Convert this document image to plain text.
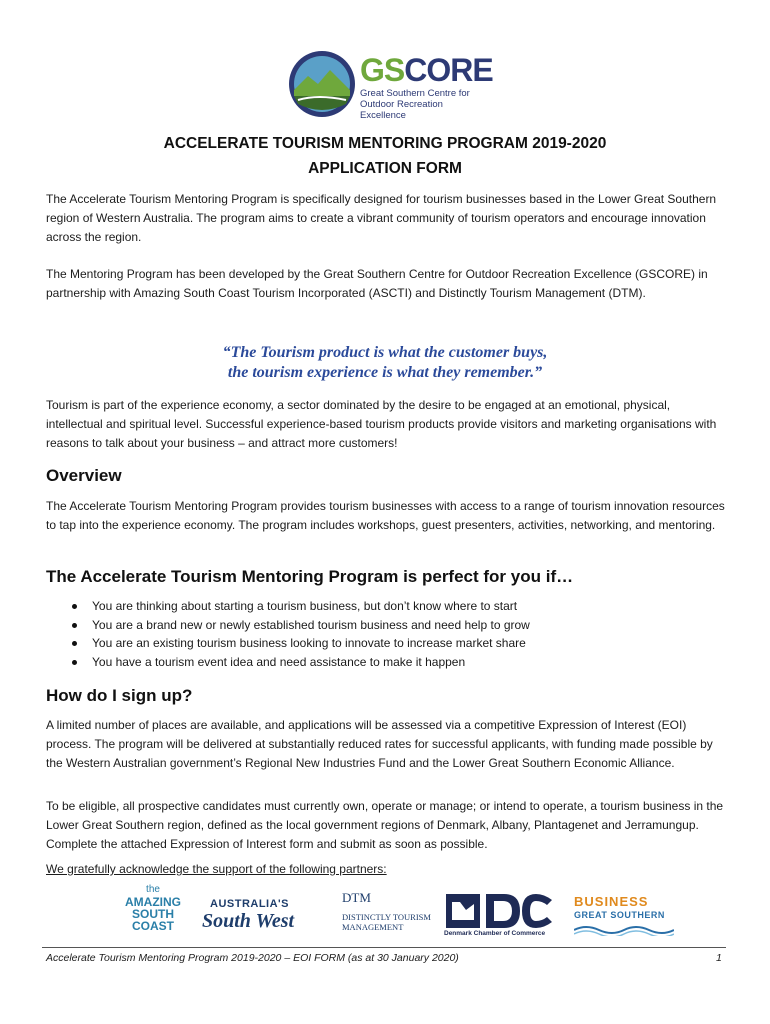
GSCORE
Great Southern Centre for
Outdoor Recreation Excellence
ACCELERATE TOURISM MENTORING PROGRAM 2019-2020
APPLICATION FORM

The Accelerate Tourism Mentoring Program is specifically designed for tourism businesses based in the Lower Great Southern region of Western Australia. The program aims to create a vibrant community of tourism operators and encourage innovation across the region.

The Mentoring Program has been developed by the Great Southern Centre for Outdoor Recreation Excellence (GSCORE) in partnership with Amazing South Coast Tourism Incorporated (ASCTI) and Distinctly Tourism Management (DTM).

“The Tourism product is what the customer buys,
the tourism experience is what they remember.”

Tourism is part of the experience economy, a sector dominated by the desire to be engaged at an emotional, physical, intellectual and spiritual level. Successful experience-based tourism products provide visitors and marketing organisations with reasons to talk about your business – and attract more customers!

Overview

The Accelerate Tourism Mentoring Program provides tourism businesses with access to a range of tourism innovation resources to tap into the experience economy. The program includes workshops, guest presenters, activities, networking, and mentoring.

The Accelerate Tourism Mentoring Program is perfect for you if…
You are thinking about starting a tourism business, but don’t know where to start
You are a brand new or newly established tourism business and need help to grow
You are an existing tourism business looking to innovate to increase market share
You have a tourism event idea and need assistance to make it happen
How do I sign up?

A limited number of places are available, and applications will be assessed via a competitive Expression of Interest (EOI) process. The program will be delivered at substantially reduced rates for successful applicants, with funding made possible by the Western Australian government’s Regional New Industries Fund and the Lower Great Southern Economic Alliance.

To be eligible, all prospective candidates must currently own, operate or manage; or intend to operate, a tourism business in the Lower Great Southern region, defined as the local government regions of Denmark, Albany, Plantagenet and Jerramungup. Complete the attached Expression of Interest form and submit as soon as possible.

We gratefully acknowledge the support of the following partners:
the
AMAZING
SOUTH
COAST
AUSTRALIA'S
South West
DTM
DISTINCTLY TOURISM
MANAGEMENT
Denmark Chamber of Commerce
BUSINESS
GREAT SOUTHERN
Accelerate Tourism Mentoring Program 2019-2020 – EOI FORM (as at 30 January 2020)	1
